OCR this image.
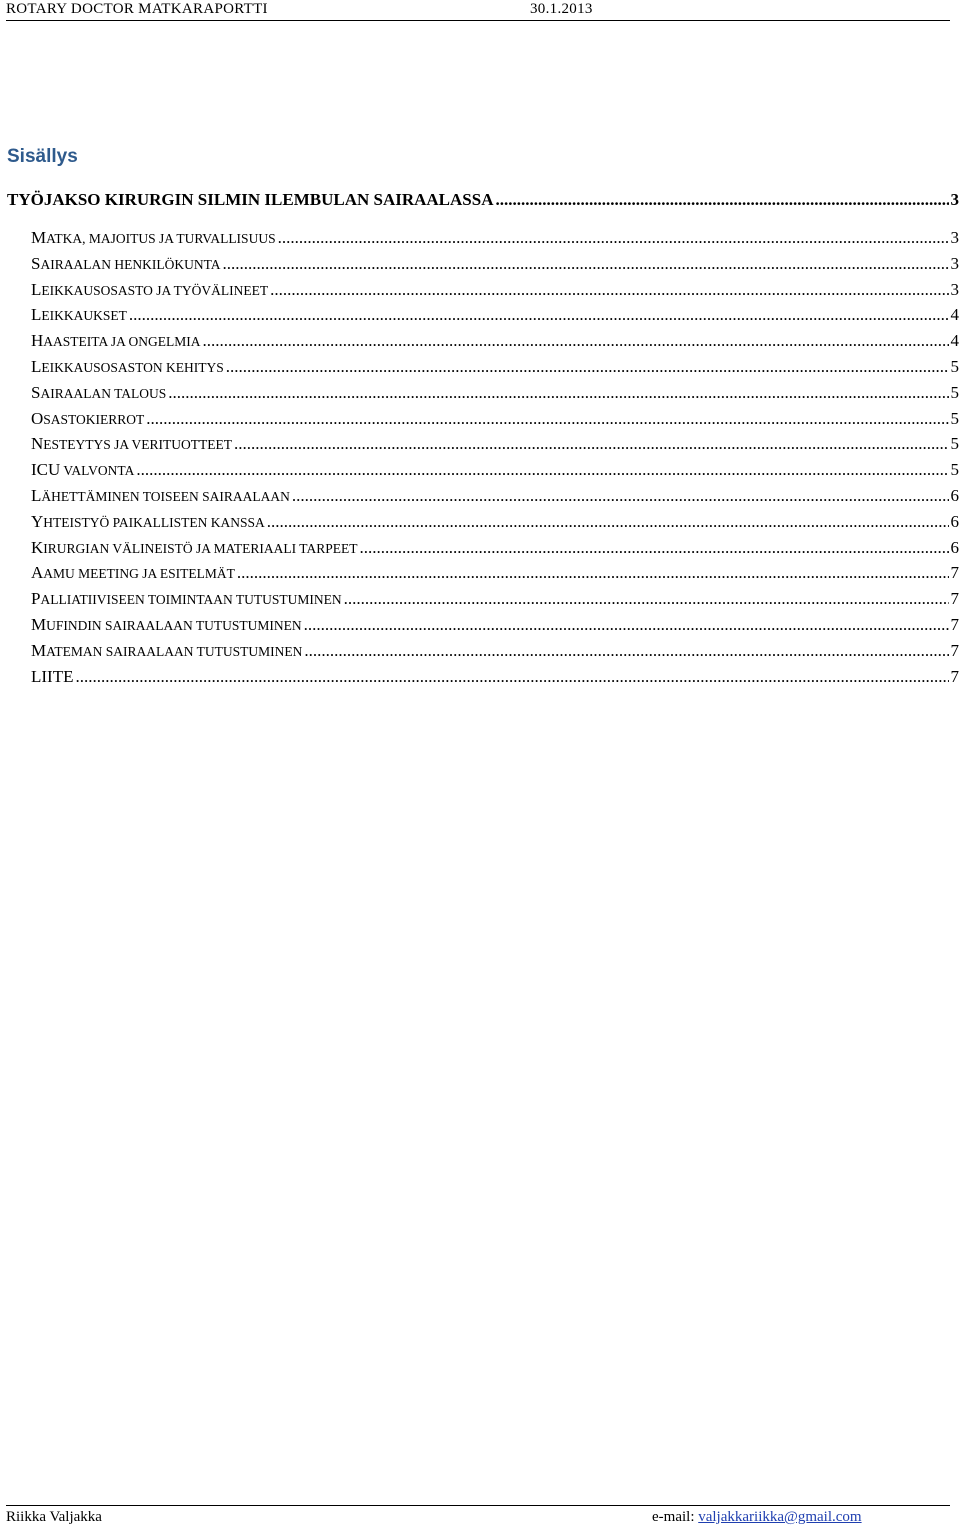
ROTARY DOCTOR MATKARAPORTTI	30.1.2013
Sisällys
TYÖJAKSO KIRURGIN SILMIN ILEMBULAN SAIRAALASSA .....	3
MATKA, MAJOITUS JA TURVALLISUUS .....	3
SAIRAALAN HENKILÖKUNTA .....	3
LEIKKAUSOSASTO JA TYÖVÄLINEET .....	3
LEIKKAUKSET .....	4
HAASTEITA JA ONGELMIA .....	4
LEIKKAUSOSASTON KEHITYS .....	5
SAIRAALAN TALOUS .....	5
OSASTOKIERROT .....	5
NESTEYTYS JA VERITUOTTEET .....	5
ICU VALVONTA .....	5
LÄHETTÄMINEN TOISEEN SAIRAALAAN .....	6
YHTEISTYÖ PAIKALLISTEN KANSSA .....	6
KIRURGIAN VÄLINEISTÖ JA MATERIAALI TARPEET .....	6
AAMU MEETING JA ESITELMÄT .....	7
PALLIATIIVISEEN TOIMINTAAN TUTUSTUMINEN .....	7
MUFINDIN SAIRAALAAN TUTUSTUMINEN .....	7
MATEMAN SAIRAALAAN TUTUSTUMINEN .....	7
LIITE .....	7
Riikka Valjakka	e-mail: valjakkariikka@gmail.com
